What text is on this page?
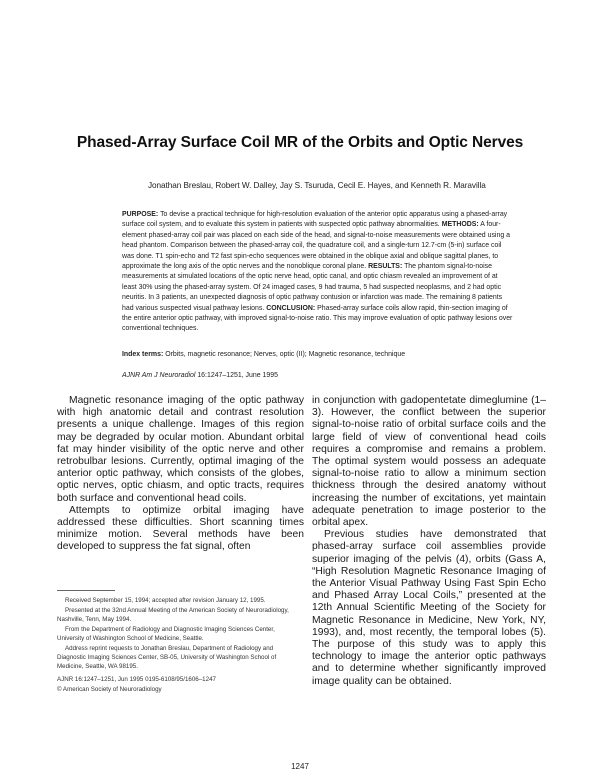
Phased-Array Surface Coil MR of the Orbits and Optic Nerves

Jonathan Breslau, Robert W. Dalley, Jay S. Tsuruda, Cecil E. Hayes, and Kenneth R. Maravilla

PURPOSE: To devise a practical technique for high-resolution evaluation of the anterior optic apparatus using a phased-array surface coil system, and to evaluate this system in patients with suspected optic pathway abnormalities. METHODS: A four-element phased-array coil pair was placed on each side of the head, and signal-to-noise measurements were obtained using a head phantom. Comparison between the phased-array coil, the quadrature coil, and a single-turn 12.7-cm (5-in) surface coil was done. T1 spin-echo and T2 fast spin-echo sequences were obtained in the oblique axial and oblique sagittal planes, to approximate the long axis of the optic nerves and the nonoblique coronal plane. RESULTS: The phantom signal-to-noise measurements at simulated locations of the optic nerve head, optic canal, and optic chiasm revealed an improvement of at least 30% using the phased-array system. Of 24 imaged cases, 9 had trauma, 5 had suspected neoplasms, and 2 had optic neuritis. In 3 patients, an unexpected diagnosis of optic pathway contusion or infarction was made. The remaining 8 patients had various suspected visual pathway lesions. CONCLUSION: Phased-array surface coils allow rapid, thin-section imaging of the entire anterior optic pathway, with improved signal-to-noise ratio. This may improve evaluation of optic pathway lesions over conventional techniques.

Index terms: Orbits, magnetic resonance; Nerves, optic (II); Magnetic resonance, technique

AJNR Am J Neuroradiol 16:1247–1251, June 1995

Magnetic resonance imaging of the optic pathway with high anatomic detail and contrast resolution presents a unique challenge. Images of this region may be degraded by ocular motion. Abundant orbital fat may hinder visibility of the optic nerve and other retrobulbar lesions. Currently, optimal imaging of the anterior optic pathway, which consists of the globes, optic nerves, optic chiasm, and optic tracts, requires both surface and conventional head coils.

Attempts to optimize orbital imaging have addressed these difficulties. Short scanning times minimize motion. Several methods have been developed to suppress the fat signal, often

in conjunction with gadopentetate dimeglumine (1–3). However, the conflict between the superior signal-to-noise ratio of orbital surface coils and the large field of view of conventional head coils requires a compromise and remains a problem. The optimal system would possess an adequate signal-to-noise ratio to allow a minimum section thickness through the desired anatomy without increasing the number of excitations, yet maintain adequate penetration to image posterior to the orbital apex.

Previous studies have demonstrated that phased-array surface coil assemblies provide superior imaging of the pelvis (4), orbits (Gass A, “High Resolution Magnetic Resonance Imaging of the Anterior Visual Pathway Using Fast Spin Echo and Phased Array Local Coils,” presented at the 12th Annual Scientific Meeting of the Society for Magnetic Resonance in Medicine, New York, NY, 1993), and, most recently, the temporal lobes (5). The purpose of this study was to apply this technology to image the anterior optic pathways and to determine whether significantly improved image quality can be obtained.

Received September 15, 1994; accepted after revision January 12, 1995.

Presented at the 32nd Annual Meeting of the American Society of Neuroradiology, Nashville, Tenn, May 1994.

From the Department of Radiology and Diagnostic Imaging Sciences Center, University of Washington School of Medicine, Seattle.

Address reprint requests to Jonathan Breslau, Department of Radiology and Diagnostic Imaging Sciences Center, SB-05, University of Washington School of Medicine, Seattle, WA 98195.

AJNR 16:1247–1251, Jun 1995 0195-6108/95/1606–1247

© American Society of Neuroradiology

1247
